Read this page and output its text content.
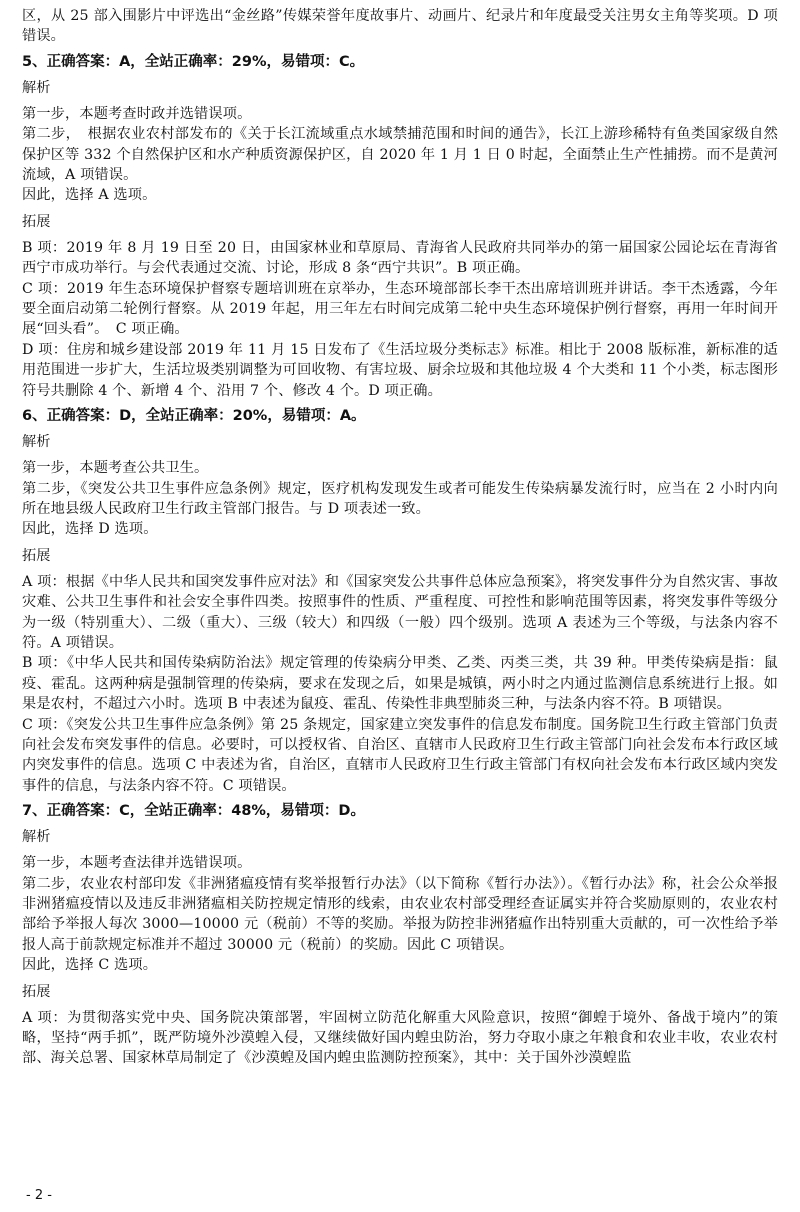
区，从 25 部入围影片中评选出“金丝路”传媒荣誉年度故事片、动画片、纪录片和年度最受关注男女主角等奖项。D 项错误。

5、正确答案：A，全站正确率：29%，易错项：C。

解析

第一步，本题考查时政并选错误项。

第二步，　根据农业农村部发布的《关于长江流域重点水域禁捕范围和时间的通告》，长江上游珍稀特有鱼类国家级自然保护区等 332 个自然保护区和水产种质资源保护区，自 2020 年 1 月 1 日 0 时起，全面禁止生产性捕捞。而不是黄河流域，A 项错误。

因此，选择 A 选项。

拓展

B 项：2019 年 8 月 19 日至 20 日，由国家林业和草原局、青海省人民政府共同举办的第一届国家公园论坛在青海省西宁市成功举行。与会代表通过交流、讨论，形成 8 条“西宁共识”。B 项正确。

C 项：2019 年生态环境保护督察专题培训班在京举办，生态环境部部长李干杰出席培训班并讲话。李干杰透露，今年要全面启动第二轮例行督察。从 2019 年起，用三年左右时间完成第二轮中央生态环境保护例行督察，再用一年时间开展“回头看”。　C 项正确。

D 项：住房和城乡建设部 2019 年 11 月 15 日发布了《生活垃圾分类标志》标准。相比于 2008 版标准，新标准的适用范围进一步扩大，生活垃圾类别调整为可回收物、有害垃圾、厨余垃圾和其他垃圾 4 个大类和 11 个小类，标志图形符号共删除 4 个、新增 4 个、沿用 7 个、修改 4 个。D 项正确。

6、正确答案：D，全站正确率：20%，易错项：A。

解析

第一步，本题考查公共卫生。

第二步，《突发公共卫生事件应急条例》规定，医疗机构发现发生或者可能发生传染病暴发流行时，应当在 2 小时内向所在地县级人民政府卫生行政主管部门报告。与 D 项表述一致。

因此，选择 D 选项。

拓展

A 项：根据《中华人民共和国突发事件应对法》和《国家突发公共事件总体应急预案》，将突发事件分为自然灾害、事故灾难、公共卫生事件和社会安全事件四类。按照事件的性质、严重程度、可控性和影响范围等因素，将突发事件等级分为一级（特别重大）、二级（重大）、三级（较大）和四级（一般）四个级别。选项 A 表述为三个等级，与法条内容不符。A 项错误。

B 项：《中华人民共和国传染病防治法》规定管理的传染病分甲类、乙类、丙类三类，共 39 种。甲类传染病是指：鼠疫、霍乱。这两种病是强制管理的传染病，要求在发现之后，如果是城镇，两小时之内通过监测信息系统进行上报。如果是农村，不超过六小时。选项 B 中表述为鼠疫、霍乱、传染性非典型肺炎三种，与法条内容不符。B 项错误。

C 项：《突发公共卫生事件应急条例》第 25 条规定，国家建立突发事件的信息发布制度。国务院卫生行政主管部门负责向社会发布突发事件的信息。必要时，可以授权省、自治区、直辖市人民政府卫生行政主管部门向社会发布本行政区域内突发事件的信息。选项 C 中表述为省，自治区，直辖市人民政府卫生行政主管部门有权向社会发布本行政区域内突发事件的信息，与法条内容不符。C 项错误。

7、正确答案：C，全站正确率：48%，易错项：D。

解析

第一步，本题考查法律并选错误项。

第二步，农业农村部印发《非洲猪瘟疫情有奖举报暂行办法》（以下简称《暂行办法》）。《暂行办法》称，社会公众举报非洲猪瘟疫情以及违反非洲猪瘟相关防控规定情形的线索，由农业农村部受理经查证属实并符合奖励原则的，农业农村部给予举报人每次 3000—10000 元（税前）不等的奖励。举报为防控非洲猪瘟作出特别重大贡献的，可一次性给予举报人高于前款规定标准并不超过 30000 元（税前）的奖励。因此 C 项错误。

因此，选择 C 选项。

拓展

A 项：为贯彻落实党中央、国务院决策部署，牢固树立防范化解重大风险意识，按照“御蝗于境外、备战于境内”的策略，坚持“两手抓”，既严防境外沙漠蝗入侵，又继续做好国内蝗虫防治，努力夺取小康之年粮食和农业丰收，农业农村部、海关总署、国家林草局制定了《沙漠蝗及国内蝗虫监测防控预案》，其中：关于国外沙漠蝗监

- 2 -
